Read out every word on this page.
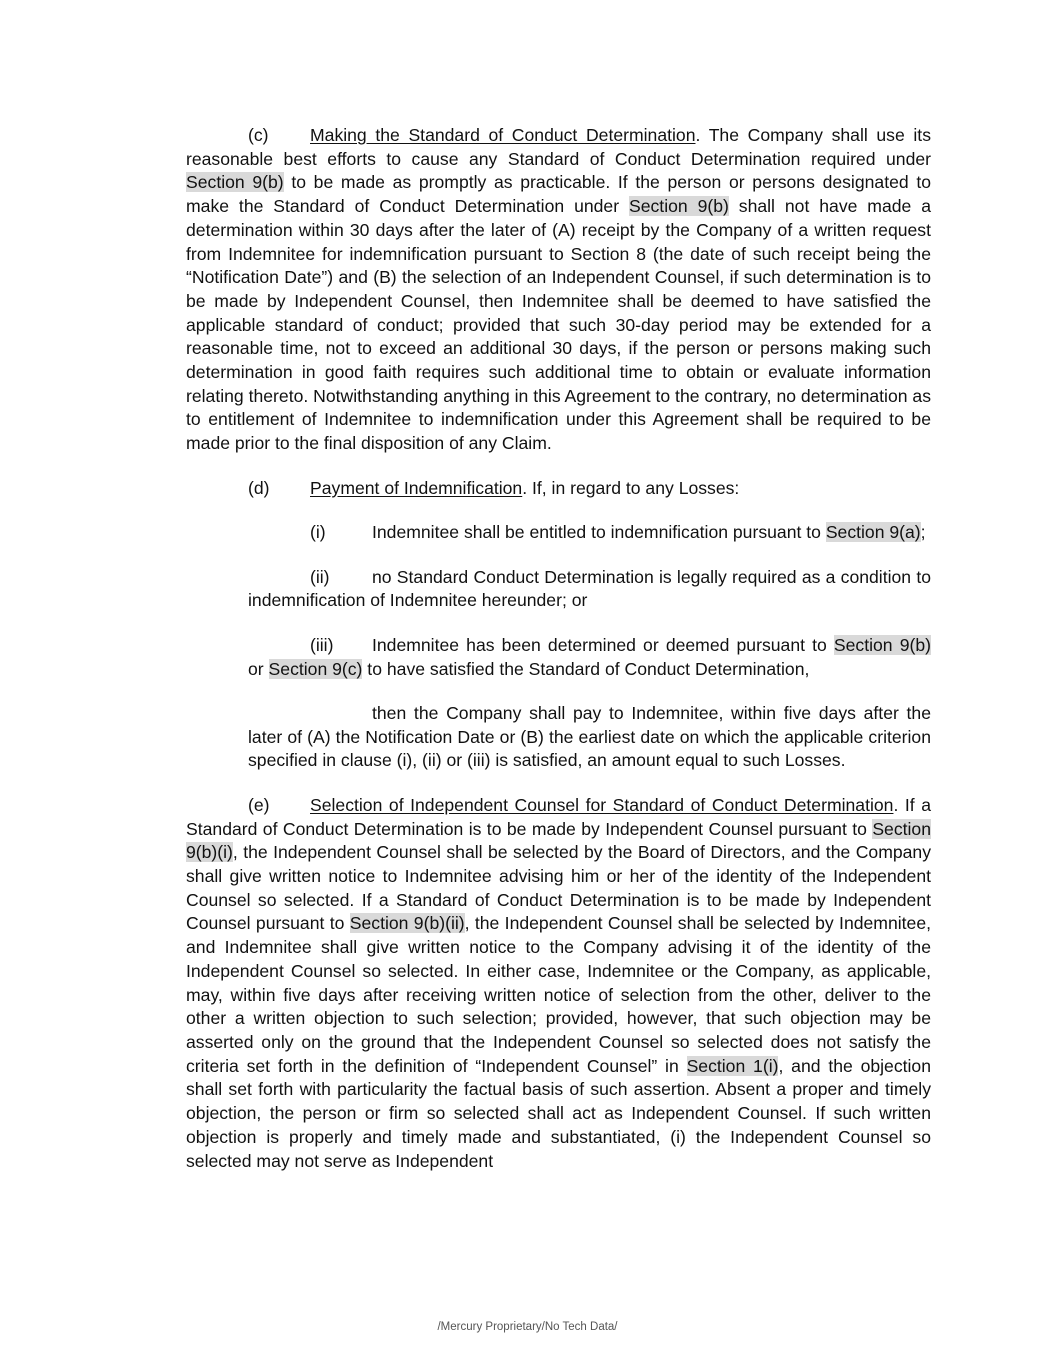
(c) Making the Standard of Conduct Determination. The Company shall use its reasonable best efforts to cause any Standard of Conduct Determination required under Section 9(b) to be made as promptly as practicable. If the person or persons designated to make the Standard of Conduct Determination under Section 9(b) shall not have made a determination within 30 days after the later of (A) receipt by the Company of a written request from Indemnitee for indemnification pursuant to Section 8 (the date of such receipt being the “Notification Date”) and (B) the selection of an Independent Counsel, if such determination is to be made by Independent Counsel, then Indemnitee shall be deemed to have satisfied the applicable standard of conduct; provided that such 30-day period may be extended for a reasonable time, not to exceed an additional 30 days, if the person or persons making such determination in good faith requires such additional time to obtain or evaluate information relating thereto. Notwithstanding anything in this Agreement to the contrary, no determination as to entitlement of Indemnitee to indemnification under this Agreement shall be required to be made prior to the final disposition of any Claim.

(d) Payment of Indemnification. If, in regard to any Losses:

(i)	Indemnitee shall be entitled to indemnification pursuant to Section 9(a);

(ii) no Standard Conduct Determination is legally required as a condition to indemnification of Indemnitee hereunder; or

(iii) Indemnitee has been determined or deemed pursuant to Section 9(b) or Section 9(c) to have satisfied the Standard of Conduct Determination,

then the Company shall pay to Indemnitee, within five days after the later of (A) the Notification Date or (B) the earliest date on which the applicable criterion specified in clause (i), (ii) or (iii) is satisfied, an amount equal to such Losses.

(e) Selection of Independent Counsel for Standard of Conduct Determination. If a Standard of Conduct Determination is to be made by Independent Counsel pursuant to Section 9(b)(i), the Independent Counsel shall be selected by the Board of Directors, and the Company shall give written notice to Indemnitee advising him or her of the identity of the Independent Counsel so selected. If a Standard of Conduct Determination is to be made by Independent Counsel pursuant to Section 9(b)(ii), the Independent Counsel shall be selected by Indemnitee, and Indemnitee shall give written notice to the Company advising it of the identity of the Independent Counsel so selected. In either case, Indemnitee or the Company, as applicable, may, within five days after receiving written notice of selection from the other, deliver to the other a written objection to such selection; provided, however, that such objection may be asserted only on the ground that the Independent Counsel so selected does not satisfy the criteria set forth in the definition of “Independent Counsel” in Section 1(i), and the objection shall set forth with particularity the factual basis of such assertion. Absent a proper and timely objection, the person or firm so selected shall act as Independent Counsel. If such written objection is properly and timely made and substantiated, (i) the Independent Counsel so selected may not serve as Independent

/Mercury Proprietary/No Tech Data/
